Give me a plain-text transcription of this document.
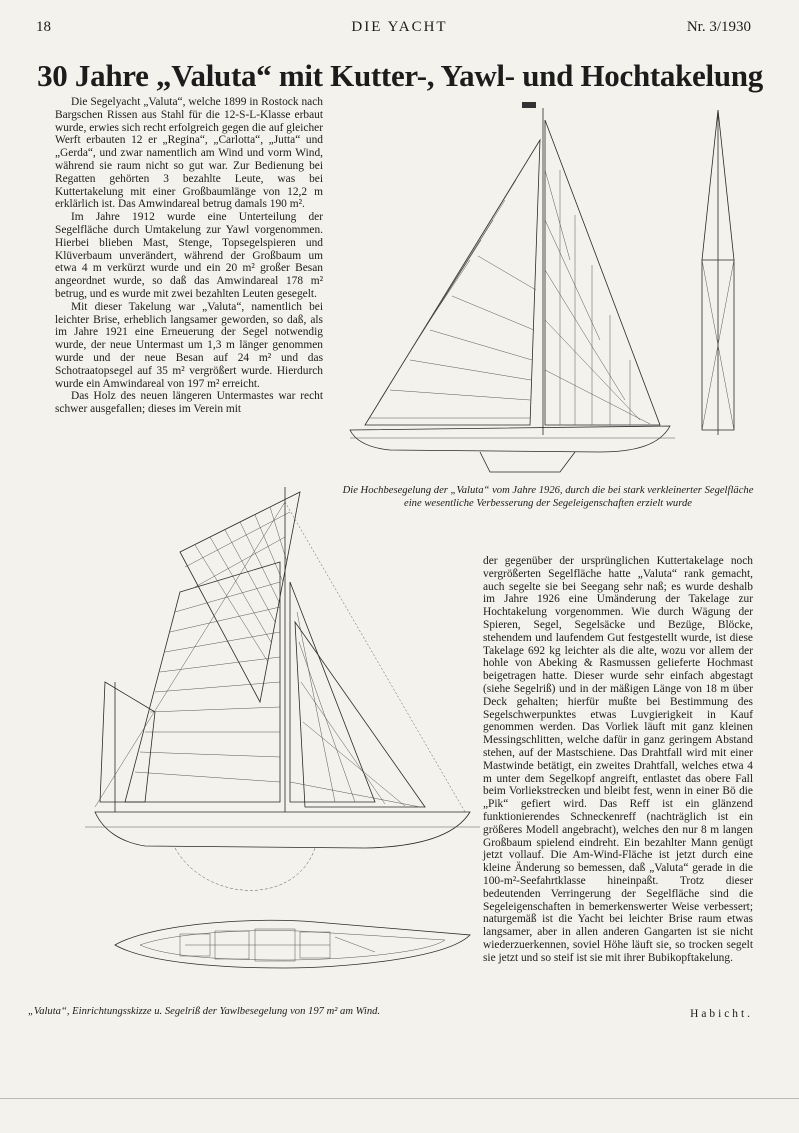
18	DIE YACHT	Nr. 3/1930
30 Jahre „Valuta“ mit Kutter-, Yawl- und Hochtakelung

Die Segelyacht „Valuta“, welche 1899 in Rostock nach Bargschen Rissen aus Stahl für die 12-S-L-Klasse erbaut wurde, erwies sich recht erfolgreich gegen die auf gleicher Werft erbauten 12 er „Regina“, „Carlotta“, „Jutta“ und „Gerda“, und zwar namentlich am Wind und vorm Wind, während sie raum nicht so gut war. Zur Bedienung bei Regatten gehörten 3 bezahlte Leute, was bei Kuttertakelung mit einer Großbaumlänge von 12,2 m erklärlich ist. Das Amwindareal betrug damals 190 m².

Im Jahre 1912 wurde eine Unterteilung der Segelfläche durch Umtakelung zur Yawl vorgenommen. Hierbei blieben Mast, Stenge, Topsegelspieren und Klüverbaum unverändert, während der Großbaum um etwa 4 m verkürzt wurde und ein 20 m² großer Besan angeordnet wurde, so daß das Amwindareal 178 m² betrug, und es wurde mit zwei bezahlten Leuten gesegelt.

Mit dieser Takelung war „Valuta“, namentlich bei leichter Brise, erheblich langsamer geworden, so daß, als im Jahre 1921 eine Erneuerung der Segel notwendig wurde, der neue Untermast um 1,3 m länger genommen wurde und der neue Besan auf 24 m² und das Schotraatopsegel auf 35 m² vergrößert wurde. Hierdurch wurde ein Amwindareal von 197 m² erreicht.

Das Holz des neuen längeren Untermastes war recht schwer ausgefallen; dieses im Verein mit

Die Hochbesegelung der „Valuta“ vom Jahre 1926, durch die bei stark verkleinerter Segelfläche eine wesentliche Verbesserung der Segeleigenschaften erzielt wurde
„Valuta“, Einrichtungsskizze u. Segelriß der Yawlbesegelung von 197 m² am Wind.

der gegenüber der ursprünglichen Kuttertakelage noch vergrößerten Segelfläche hatte „Valuta“ rank gemacht, auch segelte sie bei Seegang sehr naß; es wurde deshalb im Jahre 1926 eine Umänderung der Takelage zur Hochtakelung vorgenommen. Wie durch Wägung der Spieren, Segel, Segelsäcke und Bezüge, Blöcke, stehendem und laufendem Gut festgestellt wurde, ist diese Takelage 692 kg leichter als die alte, wozu vor allem der hohle von Abeking & Rasmussen gelieferte Hochmast beigetragen hatte. Dieser wurde sehr einfach abgestagt (siehe Segelriß) und in der mäßigen Länge von 18 m über Deck gehalten; hierfür mußte bei Bestimmung des Segelschwerpunktes etwas Luvgierigkeit in Kauf genommen werden. Das Vorliek läuft mit ganz kleinen Messingschlitten, welche dafür in ganz geringem Abstand stehen, auf der Mastschiene. Das Drahtfall wird mit einer Mastwinde betätigt, ein zweites Drahtfall, welches etwa 4 m unter dem Segelkopf angreift, entlastet das obere Fall beim Vorliekstrecken und bleibt fest, wenn in einer Bö die „Pik“ gefiert wird. Das Reff ist ein glänzend funktionierendes Schneckenreff (nachträglich ist ein größeres Modell angebracht), welches den nur 8 m langen Großbaum spielend eindreht. Ein bezahlter Mann genügt jetzt vollauf. Die Am-Wind-Fläche ist jetzt durch eine kleine Änderung so bemessen, daß „Valuta“ gerade in die 100-m²-Seefahrtklasse hineinpaßt. Trotz dieser bedeutenden Verringerung der Segelfläche sind die Segeleigenschaften in bemerkenswerter Weise verbessert; naturgemäß ist die Yacht bei leichter Brise raum etwas langsamer, aber in allen anderen Gangarten ist sie nicht wiederzuerkennen, soviel Höhe läuft sie, so trocken segelt sie jetzt und so steif ist sie mit ihrer Bubikopftakelung.

Habicht.
